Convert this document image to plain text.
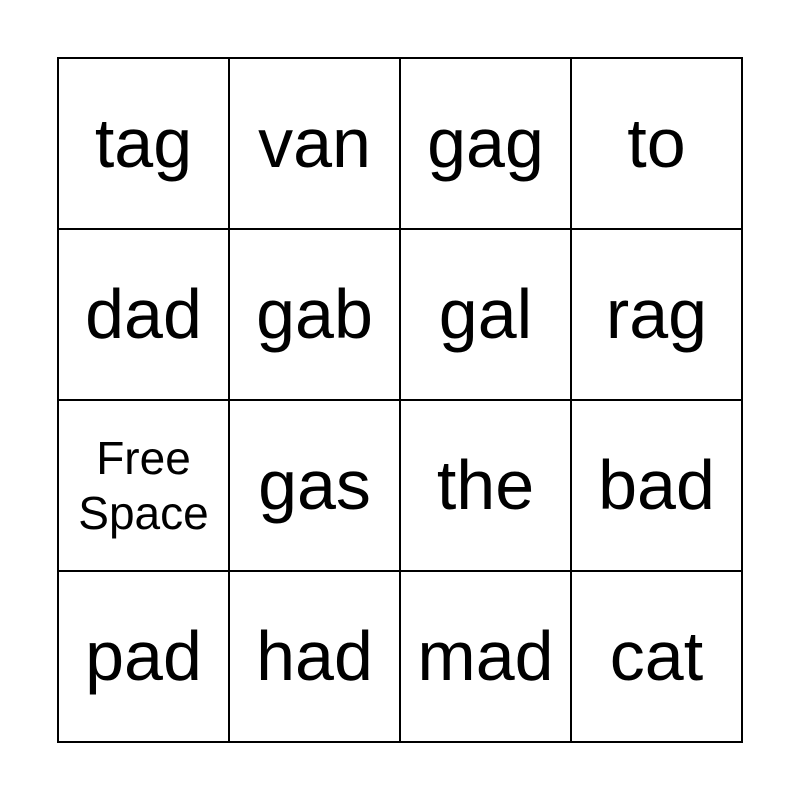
tag van gag	to
dad gab gal	rag
Free Space gas the bad
pad had mad cat
